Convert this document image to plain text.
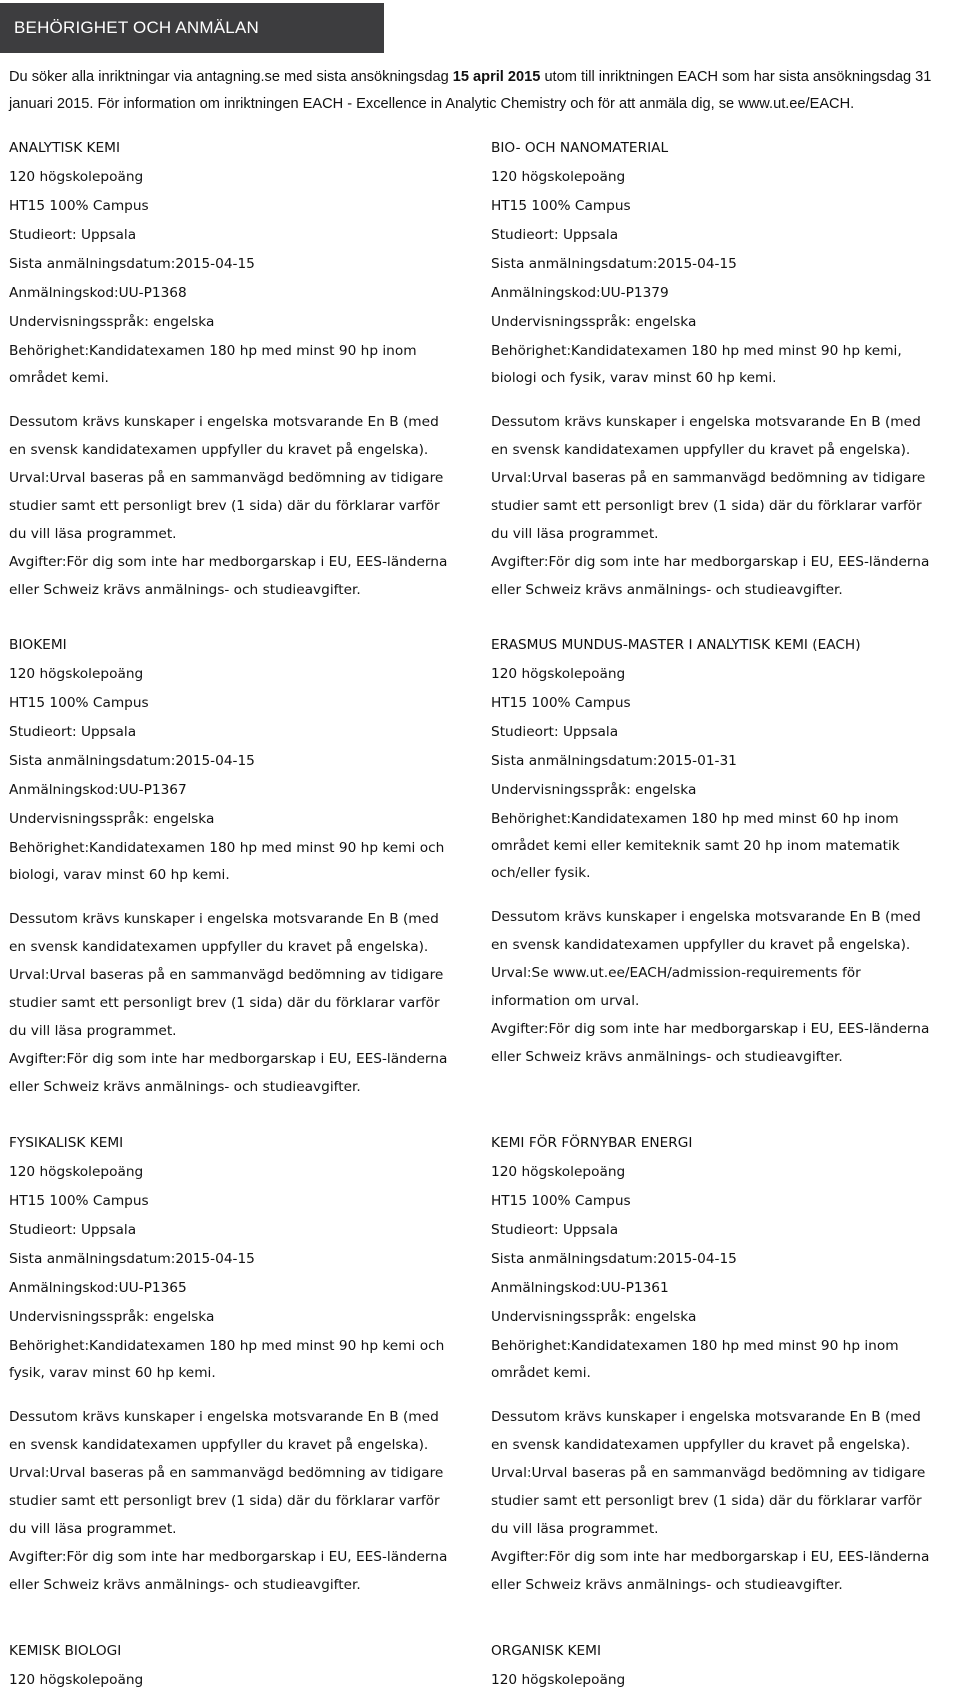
BEHÖRIGHET OCH ANMÄLAN

Du söker alla inriktningar via antagning.se med sista ansökningsdag 15 april 2015 utom till inriktningen EACH som har sista ansökningsdag 31 januari 2015. För information om inriktningen EACH - Excellence in Analytic Chemistry och för att anmäla dig, se www.ut.ee/EACH.

ANALYTISK KEMI
120 högskolepoäng
HT15 100% Campus
Studieort: Uppsala
Sista anmälningsdatum:2015-04-15
Anmälningskod:UU-P1368
Undervisningsspråk: engelska
Behörighet:Kandidatexamen 180 hp med minst 90 hp inom
området kemi.
Dessutom krävs kunskaper i engelska motsvarande En B (med
en svensk kandidatexamen uppfyller du kravet på engelska).
Urval:Urval baseras på en sammanvägd bedömning av tidigare
studier samt ett personligt brev (1 sida) där du förklarar varför
du vill läsa programmet.
Avgifter:För dig som inte har medborgarskap i EU, EES-länderna
eller Schweiz krävs anmälnings- och studieavgifter.
BIO- OCH NANOMATERIAL
120 högskolepoäng
HT15 100% Campus
Studieort: Uppsala
Sista anmälningsdatum:2015-04-15
Anmälningskod:UU-P1379
Undervisningsspråk: engelska
Behörighet:Kandidatexamen 180 hp med minst 90 hp kemi,
biologi och fysik, varav minst 60 hp kemi.
Dessutom krävs kunskaper i engelska motsvarande En B (med
en svensk kandidatexamen uppfyller du kravet på engelska).
Urval:Urval baseras på en sammanvägd bedömning av tidigare
studier samt ett personligt brev (1 sida) där du förklarar varför
du vill läsa programmet.
Avgifter:För dig som inte har medborgarskap i EU, EES-länderna
eller Schweiz krävs anmälnings- och studieavgifter.
BIOKEMI
120 högskolepoäng
HT15 100% Campus
Studieort: Uppsala
Sista anmälningsdatum:2015-04-15
Anmälningskod:UU-P1367
Undervisningsspråk: engelska
Behörighet:Kandidatexamen 180 hp med minst 90 hp kemi och
biologi, varav minst 60 hp kemi.
Dessutom krävs kunskaper i engelska motsvarande En B (med
en svensk kandidatexamen uppfyller du kravet på engelska).
Urval:Urval baseras på en sammanvägd bedömning av tidigare
studier samt ett personligt brev (1 sida) där du förklarar varför
du vill läsa programmet.
Avgifter:För dig som inte har medborgarskap i EU, EES-länderna
eller Schweiz krävs anmälnings- och studieavgifter.
ERASMUS MUNDUS-MASTER I ANALYTISK KEMI (EACH)
120 högskolepoäng
HT15 100% Campus
Studieort: Uppsala
Sista anmälningsdatum:2015-01-31
Undervisningsspråk: engelska
Behörighet:Kandidatexamen 180 hp med minst 60 hp inom
området kemi eller kemiteknik samt 20 hp inom matematik
och/eller fysik.
Dessutom krävs kunskaper i engelska motsvarande En B (med
en svensk kandidatexamen uppfyller du kravet på engelska).
Urval:Se www.ut.ee/EACH/admission-requirements för
information om urval.
Avgifter:För dig som inte har medborgarskap i EU, EES-länderna
eller Schweiz krävs anmälnings- och studieavgifter.
FYSIKALISK KEMI
120 högskolepoäng
HT15 100% Campus
Studieort: Uppsala
Sista anmälningsdatum:2015-04-15
Anmälningskod:UU-P1365
Undervisningsspråk: engelska
Behörighet:Kandidatexamen 180 hp med minst 90 hp kemi och
fysik, varav minst 60 hp kemi.
Dessutom krävs kunskaper i engelska motsvarande En B (med
en svensk kandidatexamen uppfyller du kravet på engelska).
Urval:Urval baseras på en sammanvägd bedömning av tidigare
studier samt ett personligt brev (1 sida) där du förklarar varför
du vill läsa programmet.
Avgifter:För dig som inte har medborgarskap i EU, EES-länderna
eller Schweiz krävs anmälnings- och studieavgifter.
KEMI FÖR FÖRNYBAR ENERGI
120 högskolepoäng
HT15 100% Campus
Studieort: Uppsala
Sista anmälningsdatum:2015-04-15
Anmälningskod:UU-P1361
Undervisningsspråk: engelska
Behörighet:Kandidatexamen 180 hp med minst 90 hp inom
området kemi.
Dessutom krävs kunskaper i engelska motsvarande En B (med
en svensk kandidatexamen uppfyller du kravet på engelska).
Urval:Urval baseras på en sammanvägd bedömning av tidigare
studier samt ett personligt brev (1 sida) där du förklarar varför
du vill läsa programmet.
Avgifter:För dig som inte har medborgarskap i EU, EES-länderna
eller Schweiz krävs anmälnings- och studieavgifter.
KEMISK BIOLOGI
120 högskolepoäng
ORGANISK KEMI
120 högskolepoäng
